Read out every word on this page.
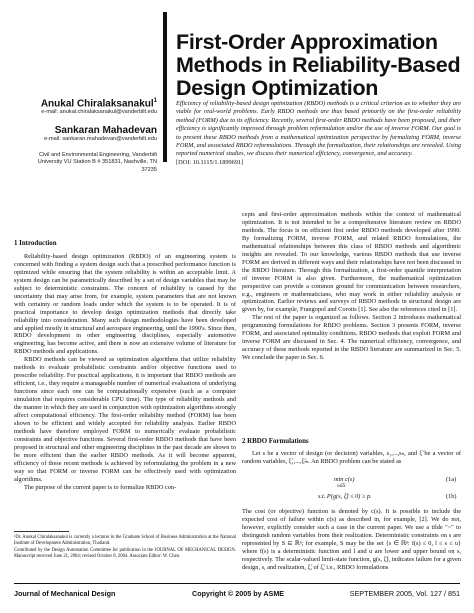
First-Order Approximation Methods in Reliability-Based Design Optimization
Anukal Chiralaksanakul$^1$
e-mail: anukal.chiralaksanakul@vanderbilt.edu
Sankaran Mahadevan
e-mail: sankaran.mahadevan@vanderbilt.edu
Civil and Environmental Engineering, Vanderbilt
University VU Station B # 351831, Nashville, TN
37235
Efficiency of reliability-based design optimization (RBDO) methods is a critical criterion as to whether they are viable for real-world problems. Early RBDO methods are thus based primarily on the first-order reliability method (FORM) due to its efficiency. Recently, several first-order RBDO methods have been proposed, and their efficiency is significantly improved through problem reformulation and/or the use of inverse FORM. Our goal is to present these RBDO methods from a mathematical optimization perspective by formalizing FORM, inverse FORM, and associated RBDO reformulations. Through the formalization, their relationships are revealed. Using reported numerical studies, we discuss their numerical efficiency, convergence, and accuracy.
[DOI: 10.1115/1.1899691]
1 Introduction

Reliability-based design optimization (RBDO) of an engineering system is concerned with finding a system design such that a prescribed performance function is optimized while ensuring that the system reliability is within an acceptable limit. A system design can be parametrically described by a set of design variables that may be subject to deterministic constraints. The concern of reliability is caused by the uncertainty that may arise from, for example, system parameters that are not known with certainty or random loads under which the system is to be operated. It is of practical importance to develop design optimization methods that directly take reliability into consideration. Many such design methodologies have been developed and applied mostly in structural and aerospace engineering, until the 1990's. Since then, RBDO development in other engineering disciplines, especially automotive engineering, has become active, and there is now an extensive volume of literature for RBDO methods and applications.

RBDO methods can be viewed as optimization algorithms that utilize reliability methods to evaluate probabilistic constraints and/or objective functions used to prescribe reliability. For practical applications, it is important that RBDO methods are efficient, i.e., they require a manageable number of numerical evaluations of underlying functions since each one can be computationally expensive (such as a computer simulation that requires considerable CPU time). The type of reliability methods and the manner in which they are used in conjunction with optimization algorithms strongly affect computational efficiency. The first-order reliability method (FORM) has been shown to be efficient and widely accepted for reliability analysis. Earlier RBDO methods have therefore employed FORM to numerically evaluate probabilistic constraints and objective functions. Several first-order RBDO methods that have been proposed in structural and other engineering disciplines in the past decade are shown to be more efficient than the earlier RBDO methods. As it will become apparent, efficiency of these recent methods is achieved by reformulating the problem in a new way so that FORM or inverse FORM can be effectively used with optimization algorithms.

The purpose of the current paper is to formalize RBDO con-

¹Dr. Anukal Chiralaksanakul is currently a lecturer in the Graduate School of Business Administration at the National Institute of Development Administration, Thailand.

Contributed by the Design Automation Committee for publication in the JOURNAL OF MECHANICAL DESIGN. Manuscript received June 21, 2004; revised October 8, 2004. Associate Editor: W. Chen.

cepts and first-order approximation methods within the context of mathematical optimization. It is not intended to be a comprehensive literature review on RBDO methods. The focus is on efficient first order RBDO methods developed after 1990. By formalizing FORM, inverse FORM, and related RBDO formulations, the mathematical relationships between this class of RBDO methods and algorithmic insights are revealed. To our knowledge, various RBDO methods that use inverse FORM are derived in different ways and their relationships have not been discussed in the RBDO literature. Through this formalization, a first-order quantile interpretation of inverse FORM is also given. Furthermore, the mathematical optimization perspective can provide a common ground for communication between researchers, e.g., engineers or mathematicians, who may work in either reliability analysis or optimization. Earlier reviews and surveys of RBDO methods in structural design are given by, for example, Frangopol and Corotis [1]. See also the references cited in [1].

The rest of the paper is organized as follows. Section 2 introduces mathematical programming formulations for RBDO problems. Section 3 presents FORM, inverse FORM, and associated optimality conditions. RBDO methods that exploit FORM and inverse FORM are discussed in Sec. 4. The numerical efficiency, convergence, and accuracy of these methods reported in the RBDO literature are summarized in Sec. 5. We conclude the paper in Sec. 6.

2 RBDO Formulations

Let s be a vector of design (or decision) variables, s₁,...,sₙ, and ξ̃ be a vector of random variables, ξ̃₁,...,ξ̃ₘ. An RBDO problem can be stated as

min c(s)
s∈S
(1a)
s.t. P(g(s, ξ̃) ≤ 0) ≥ p.	(1b)

The cost (or objective) function is denoted by c(s). It is possible to include the expected cost of failure within c(s) as described in, for example, [2]. We do not, however, explicitly consider such a case in the current paper. We use a tilde "~" to distinguish random variables from their realization. Deterministic constraints on s are represented by S ⊆ ℝⁿ; for example, S may be the set {s ∈ ℝⁿ: f(s) ≤ 0, l ≤ s ≤ u} where f(s) is a deterministic function and l and u are lower and upper bound on s, respectively. The scalar-valued limit-state function, g(s, ξ̃), indicates failure for a given design, s, and realization, ξ̃, of ξ̃, i.e., RBDO formulations

Journal of Mechanical Design	Copyright © 2005 by ASME	SEPTEMBER 2005, Vol. 127 / 851
